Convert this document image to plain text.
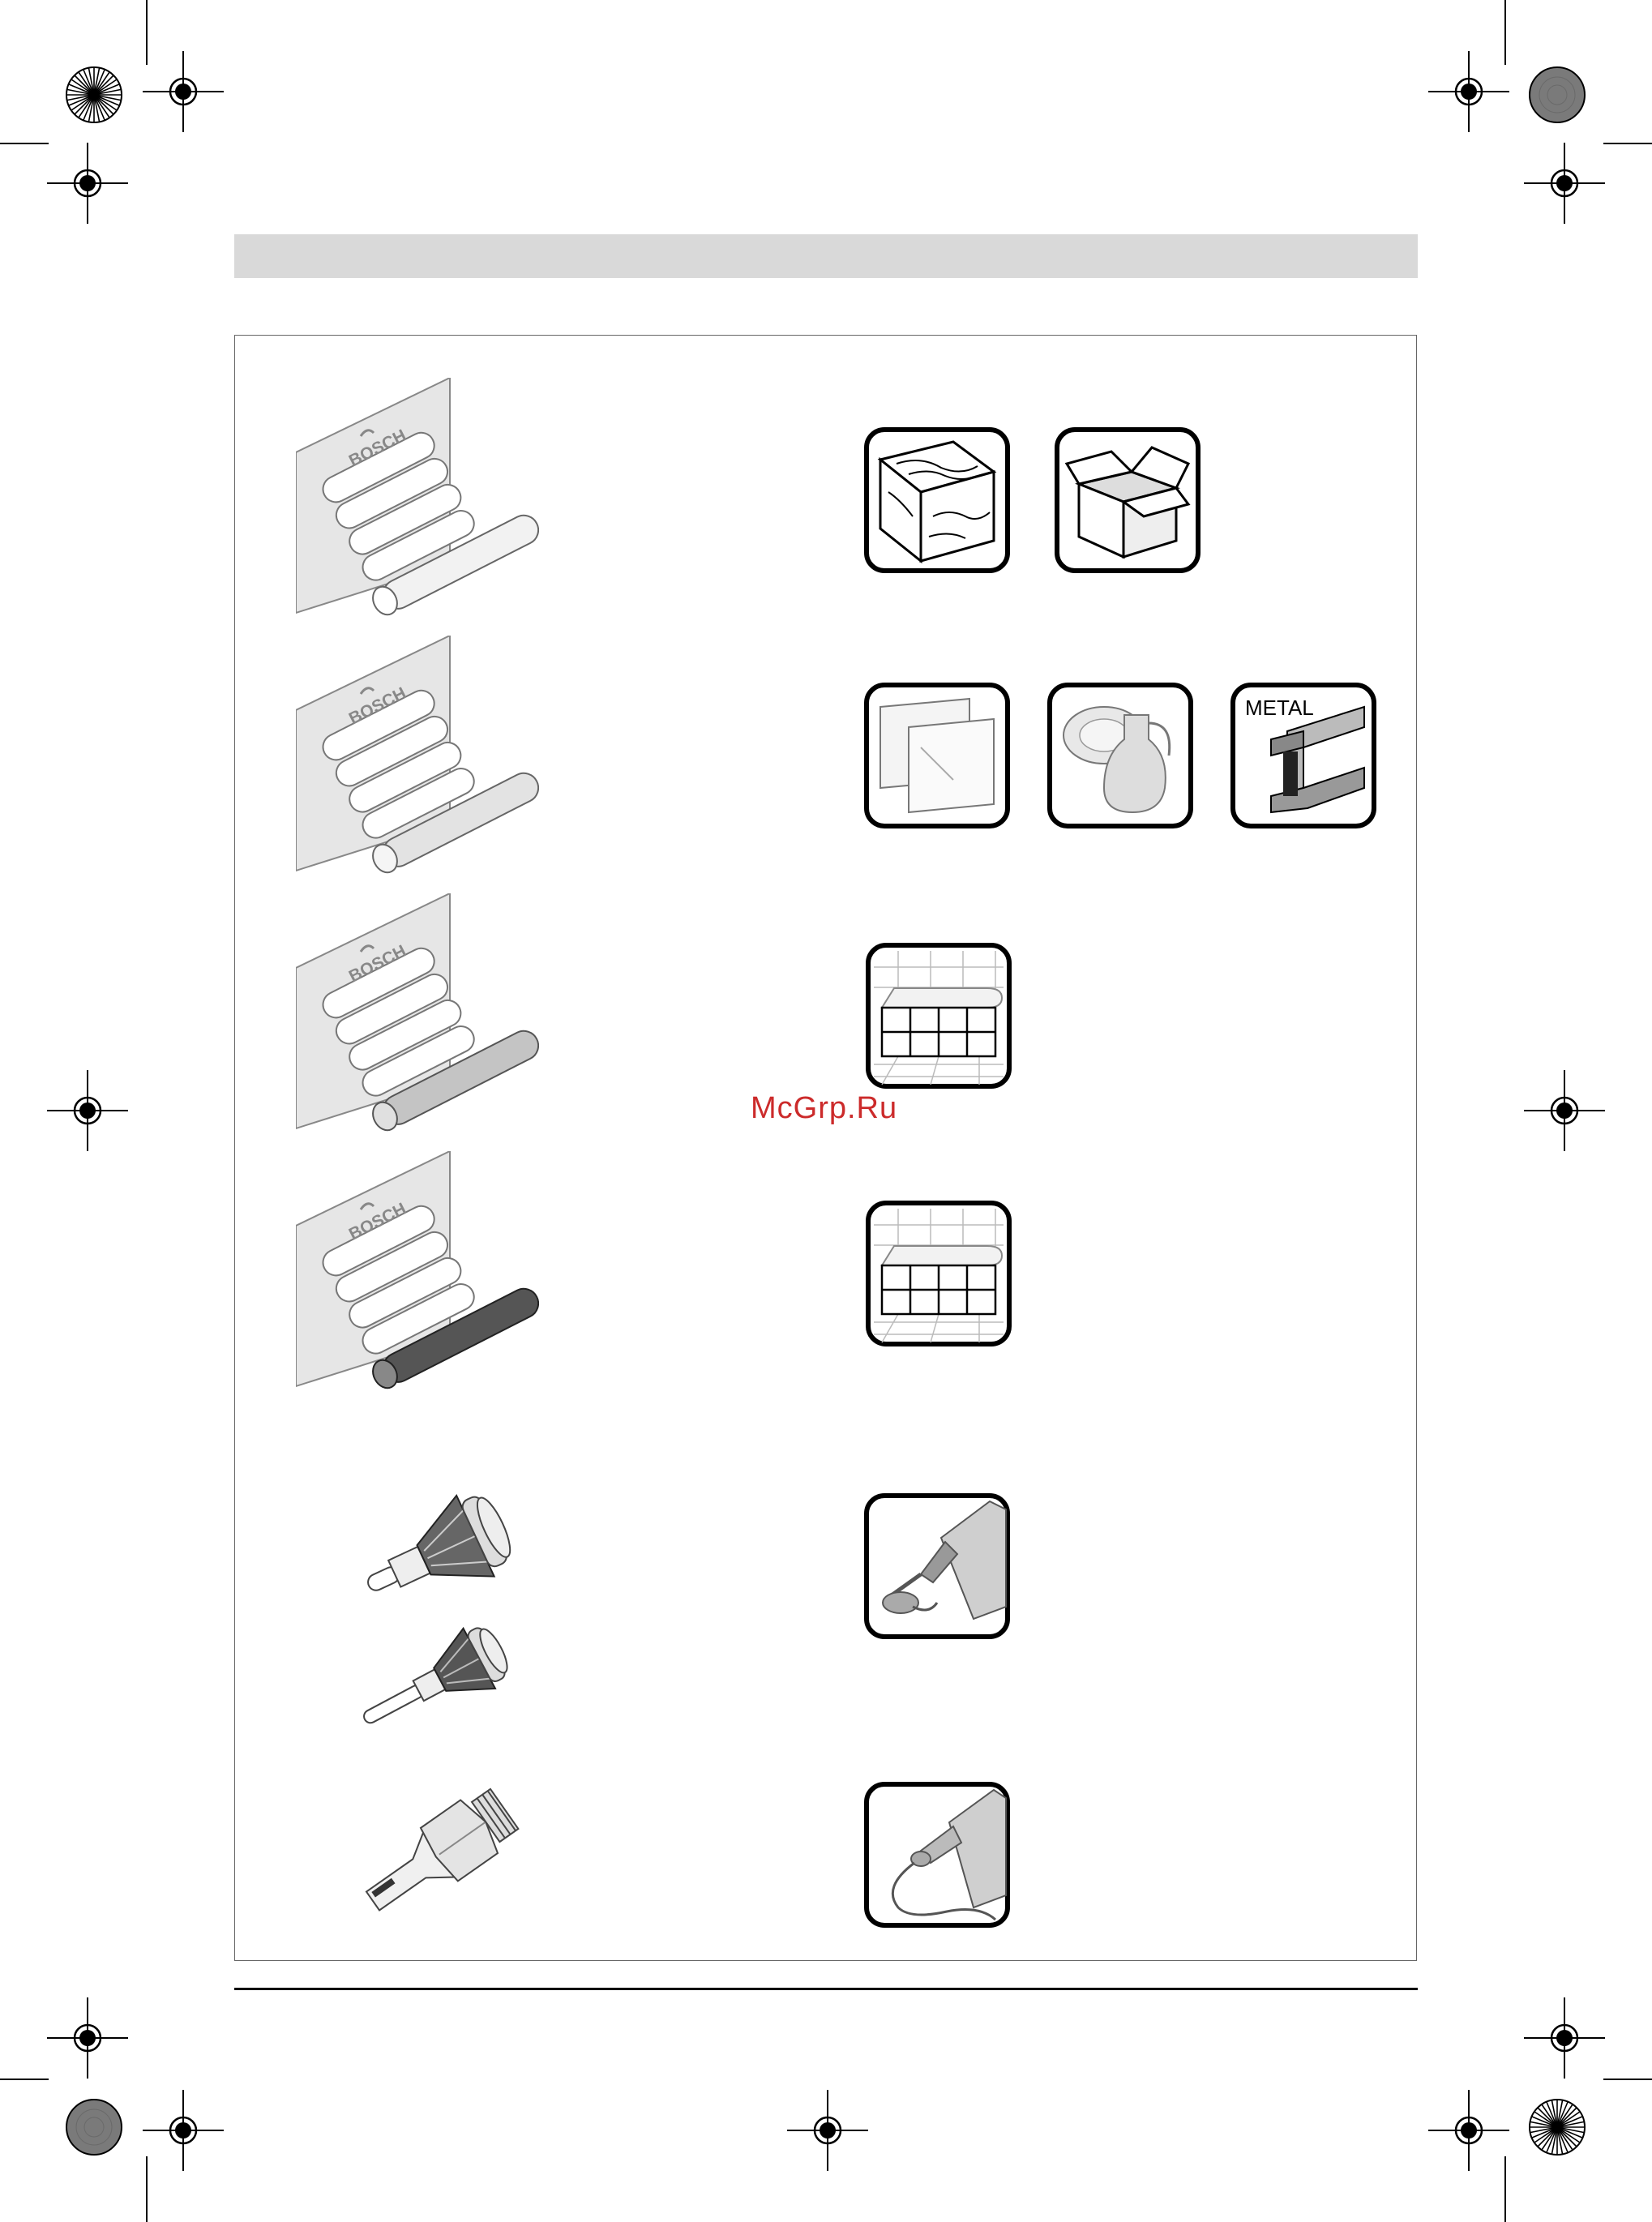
BOSCH
BOSCH	METAL
BOSCH
McGrp.Ru
BOSCH
